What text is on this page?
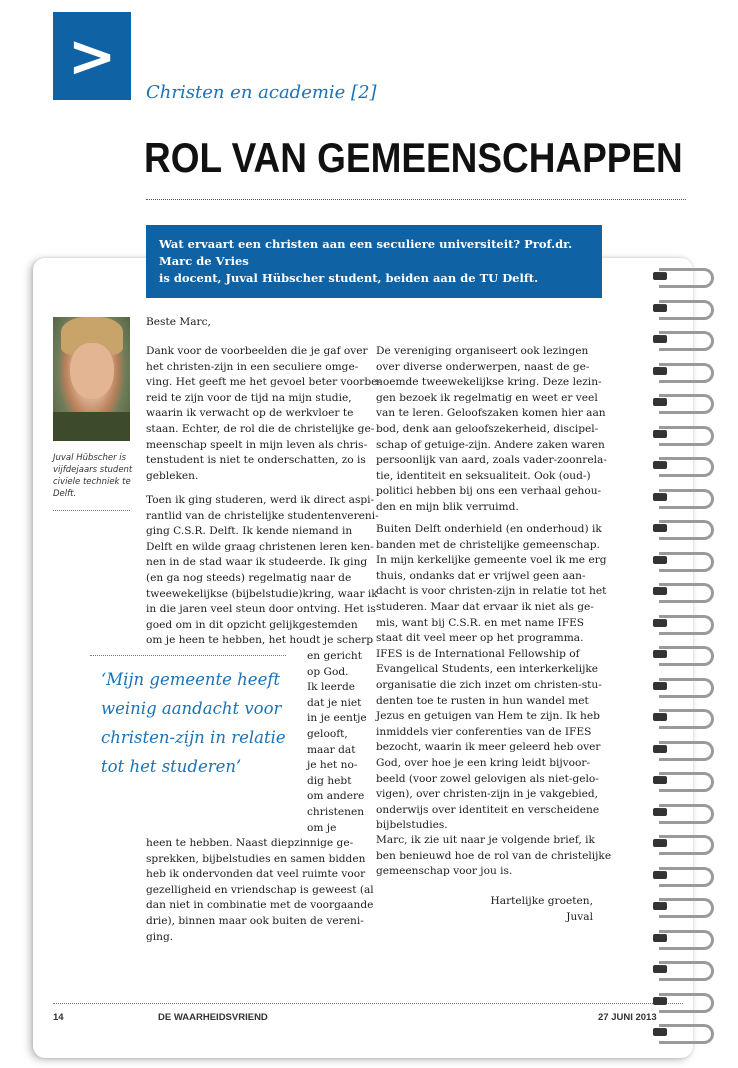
>
Christen en academie [2]
ROL VAN GEMEENSCHAPPEN
Wat ervaart een christen aan een seculiere universiteit? Prof.dr. Marc de Vries
is docent, Juval Hübscher student, beiden aan de TU Delft.
Juval Hübscher is
vijfdejaars student
civiele techniek te
Delft.
Beste Marc,
Dank voor de voorbeelden die je gaf over
het christen-zijn in een seculiere omge-
ving. Het geeft me het gevoel beter voorbe-
reid te zijn voor de tijd na mijn studie,
waarin ik verwacht op de werkvloer te
staan. Echter, de rol die de christelijke ge-
meenschap speelt in mijn leven als chris-
tenstudent is niet te onderschatten, zo is
gebleken.
Toen ik ging studeren, werd ik direct aspi-
rantlid van de christelijke studentenvereni-
ging C.S.R. Delft. Ik kende niemand in
Delft en wilde graag christenen leren ken-
nen in de stad waar ik studeerde. Ik ging
(en ga nog steeds) regelmatig naar de
tweewekelijkse (bijbelstudie)kring, waar ik
in die jaren veel steun door ontving. Het is
goed om in dit opzicht gelijkgestemden
om je heen te hebben, het houdt je scherp
en gericht
op God.
Ik leerde
dat je niet
in je eentje
gelooft,
maar dat
je het no-
dig hebt
om andere
christenen
om je
heen te hebben. Naast diepzinnige ge-
sprekken, bijbelstudies en samen bidden
heb ik ondervonden dat veel ruimte voor
gezelligheid en vriendschap is geweest (al
dan niet in combinatie met de voorgaande
drie), binnen maar ook buiten de vereni-
ging.
‘Mijn gemeente heeft
weinig aandacht voor
christen-zijn in relatie
tot het studeren’
De vereniging organiseert ook lezingen
over diverse onderwerpen, naast de ge-
noemde tweewekelijkse kring. Deze lezin-
gen bezoek ik regelmatig en weet er veel
van te leren. Geloofszaken komen hier aan
bod, denk aan geloofszekerheid, discipel-
schap of getuige-zijn. Andere zaken waren
persoonlijk van aard, zoals vader-zoonrela-
tie, identiteit en seksualiteit. Ook (oud-)
politici hebben bij ons een verhaal gehou-
den en mijn blik verruimd.
Buiten Delft onderhield (en onderhoud) ik
banden met de christelijke gemeenschap.
In mijn kerkelijke gemeente voel ik me erg
thuis, ondanks dat er vrijwel geen aan-
dacht is voor christen-zijn in relatie tot het
studeren. Maar dat ervaar ik niet als ge-
mis, want bij C.S.R. en met name IFES
staat dit veel meer op het programma.
IFES is de International Fellowship of
Evangelical Students, een interkerkelijke
organisatie die zich inzet om christen-stu-
denten toe te rusten in hun wandel met
Jezus en getuigen van Hem te zijn. Ik heb
inmiddels vier conferenties van de IFES
bezocht, waarin ik meer geleerd heb over
God, over hoe je een kring leidt bijvoor-
beeld (voor zowel gelovigen als niet-gelo-
vigen), over christen-zijn in je vakgebied,
onderwijs over identiteit en verscheidene
bijbelstudies.
Marc, ik zie uit naar je volgende brief, ik
ben benieuwd hoe de rol van de christelijke
gemeenschap voor jou is.
Hartelijke groeten,
Juval
14	DE WAARHEIDSVRIEND	27 JUNI 2013
